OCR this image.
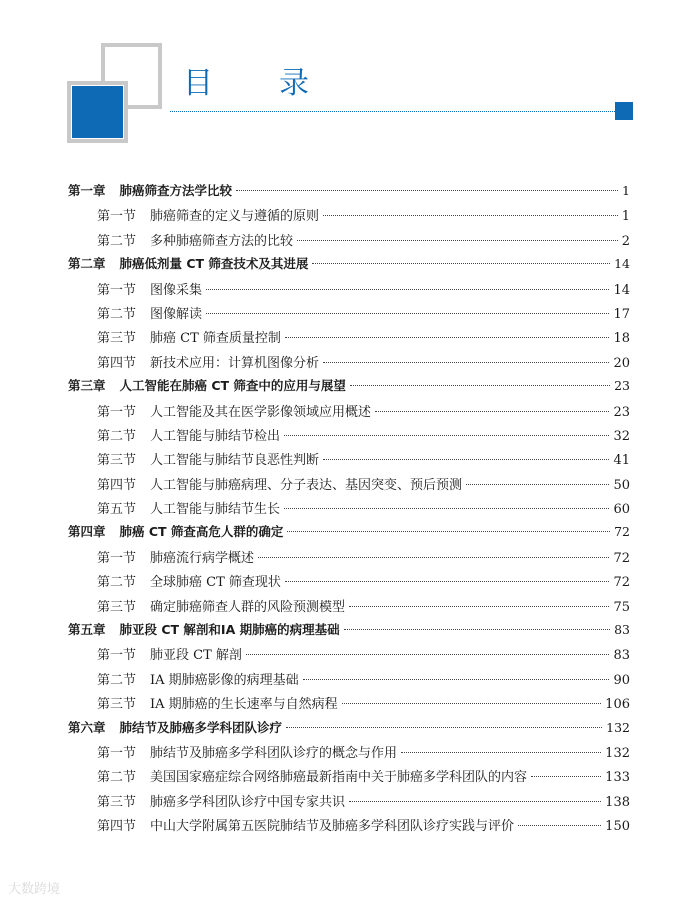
目　　录
第一章 肺癌筛查方法学比较	1
第一节 肺癌筛查的定义与遵循的原则	1
第二节 多种肺癌筛查方法的比较	2
第二章 肺癌低剂量 CT 筛查技术及其进展	14
第一节 图像采集	14
第二节 图像解读	17
第三节 肺癌 CT 筛查质量控制	18
第四节 新技术应用：计算机图像分析	20
第三章 人工智能在肺癌 CT 筛查中的应用与展望	23
第一节 人工智能及其在医学影像领域应用概述	23
第二节 人工智能与肺结节检出	32
第三节 人工智能与肺结节良恶性判断	41
第四节 人工智能与肺癌病理、分子表达、基因突变、预后预测	50
第五节 人工智能与肺结节生长	60
第四章 肺癌 CT 筛查高危人群的确定	72
第一节 肺癌流行病学概述	72
第二节 全球肺癌 CT 筛查现状	72
第三节 确定肺癌筛查人群的风险预测模型	75
第五章 肺亚段 CT 解剖和ⅠA 期肺癌的病理基础	83
第一节 肺亚段 CT 解剖	83
第二节 ⅠA 期肺癌影像的病理基础	90
第三节 ⅠA 期肺癌的生长速率与自然病程	106
第六章 肺结节及肺癌多学科团队诊疗	132
第一节 肺结节及肺癌多学科团队诊疗的概念与作用	132
第二节 美国国家癌症综合网络肺癌最新指南中关于肺癌多学科团队的内容	133
第三节 肺癌多学科团队诊疗中国专家共识	138
第四节 中山大学附属第五医院肺结节及肺癌多学科团队诊疗实践与评价	150
大数跨境
